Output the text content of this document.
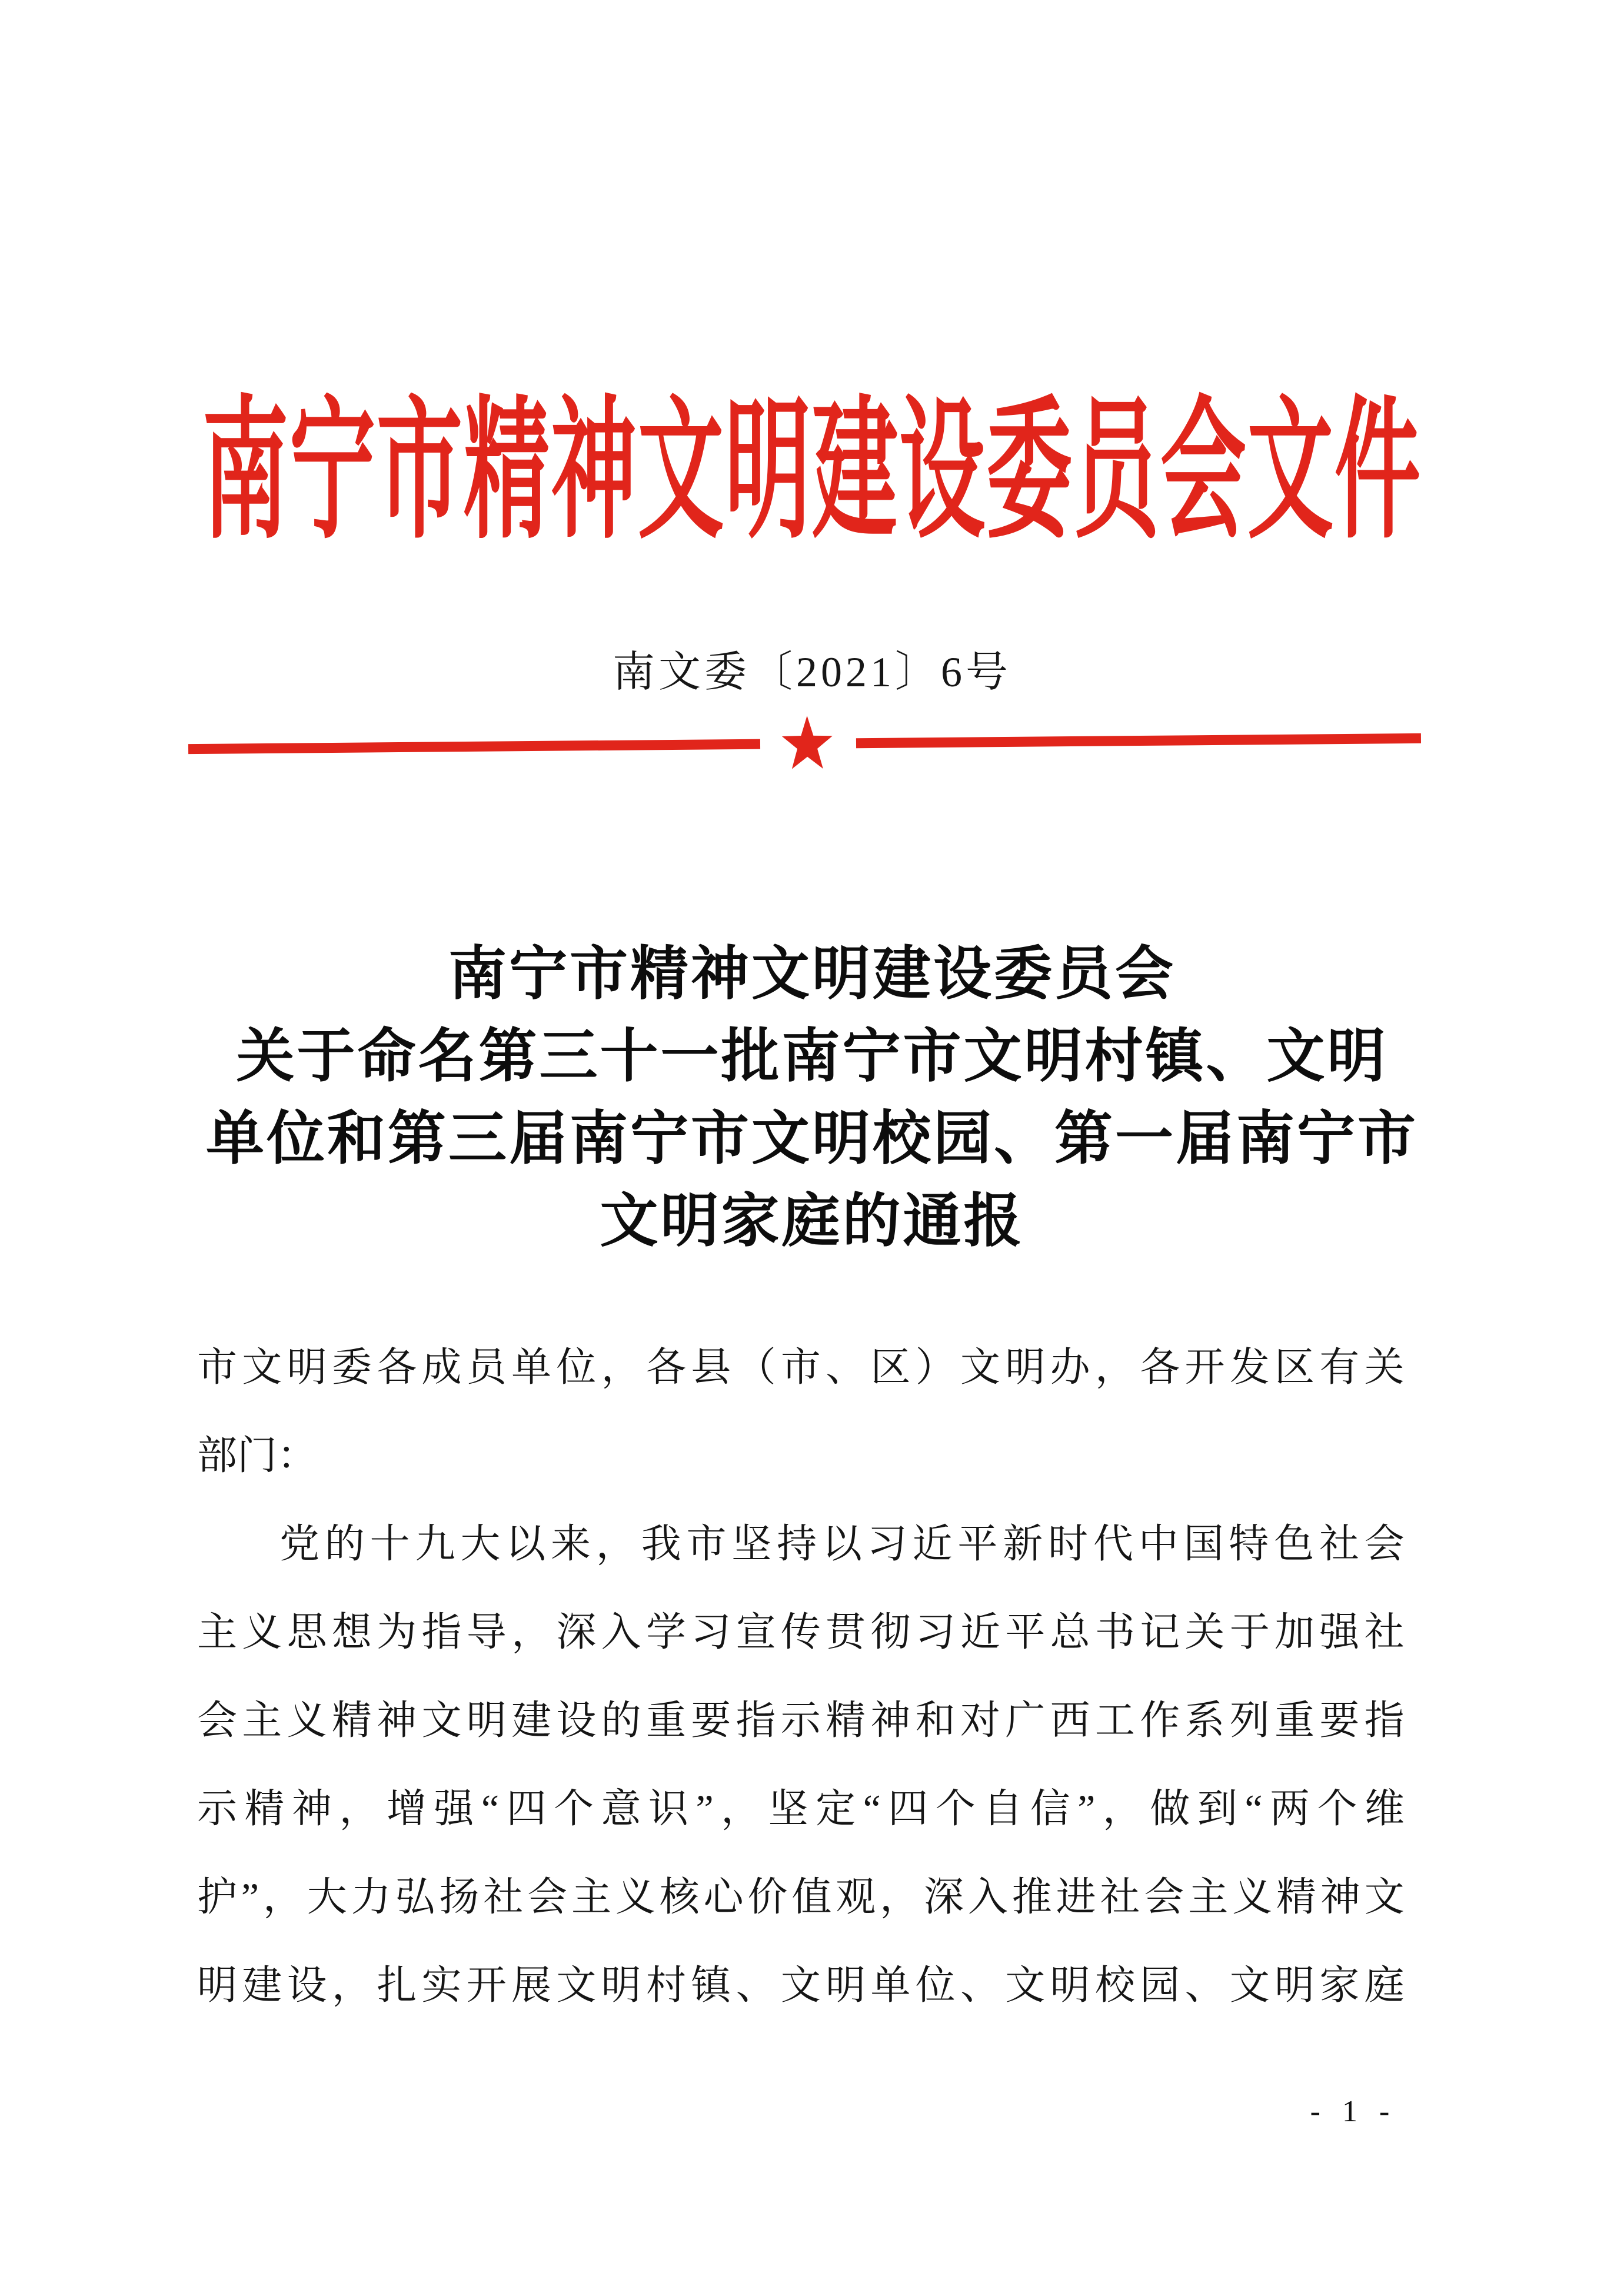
南宁市精神文明建设委员会文件
南文委〔2021〕6号
南宁市精神文明建设委员会
关于命名第三十一批南宁市文明村镇、文明
单位和第三届南宁市文明校园、第一届南宁市
文明家庭的通报
市 文 明 委 各 成 员 单 位 ， 各 县 （ 市 、 区 ） 文 明 办 ， 各 开 发 区 有 关
部门：
党 的 十 九 大 以 来 ， 我 市 坚 持 以 习 近 平 新 时 代 中 国 特 色 社 会
主 义 思 想 为 指 导 ， 深 入 学 习 宣 传 贯 彻 习 近 平 总 书 记 关 于 加 强 社
会 主 义 精 神 文 明 建 设 的 重 要 指 示 精 神 和 对 广 西 工 作 系 列 重 要 指
示 精 神 ， 增 强 “ 四 个 意 识 ” ， 坚 定 “ 四 个 自 信 ” ， 做 到 “ 两 个 维
护 ” ， 大 力 弘 扬 社 会 主 义 核 心 价 值 观 ， 深 入 推 进 社 会 主 义 精 神 文
明 建 设 ， 扎 实 开 展 文 明 村 镇 、 文 明 单 位 、 文 明 校 园 、 文 明 家 庭
- 1 -
